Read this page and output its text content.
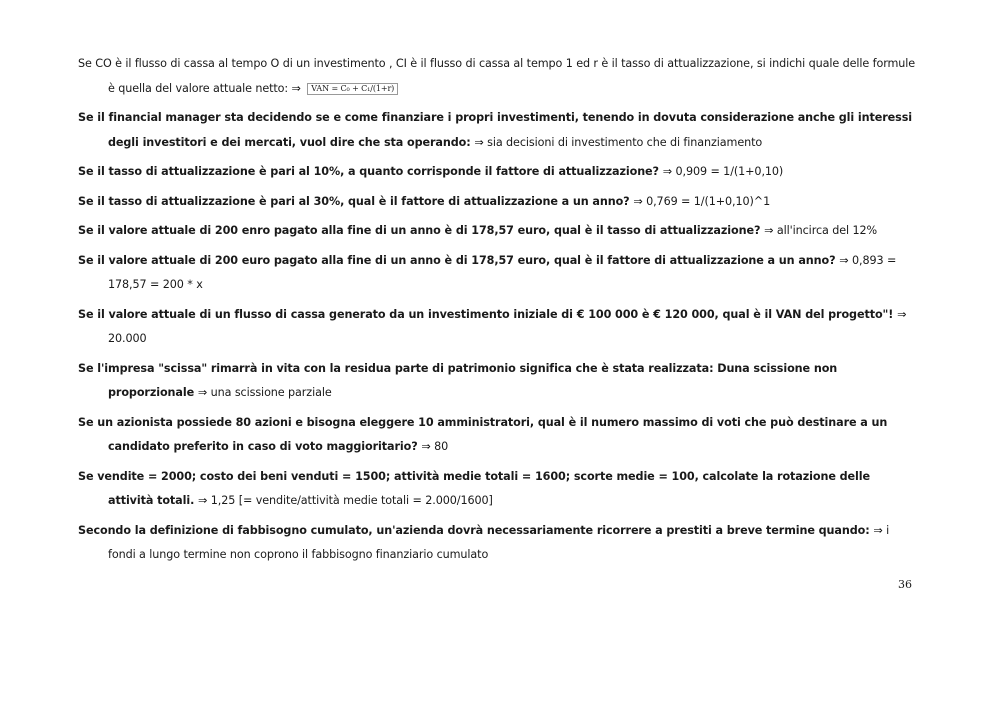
Se CO è il flusso di cassa al tempo O di un investimento , CI è il flusso di cassa al tempo 1 ed r è il tasso di attualizzazione, si indichi quale delle formule è quella del valore attuale netto: ⇒ VAN = C₀ + C₁/(1+r)

Se il financial manager sta decidendo se e come finanziare i propri investimenti, tenendo in dovuta considerazione anche gli interessi degli investitori e dei mercati, vuol dire che sta operando: ⇒ sia decisioni di investimento che di finanziamento

Se il tasso di attualizzazione è pari al 10%, a quanto corrisponde il fattore di attualizzazione? ⇒ 0,909 = 1/(1+0,10)

Se il tasso di attualizzazione è pari al 30%, qual è il fattore di attualizzazione a un anno? ⇒ 0,769 = 1/(1+0,10)^1

Se il valore attuale di 200 enro pagato alla fine di un anno è di 178,57 euro, qual è il tasso di attualizzazione? ⇒ all'incirca del 12%

Se il valore attuale di 200 euro pagato alla fine di un anno è di 178,57 euro, qual è il fattore di attualizzazione a un anno? ⇒ 0,893 = 178,57 = 200 * x

Se il valore attuale di un flusso di cassa generato da un investimento iniziale di € 100 000 è € 120 000, qual è il VAN del progetto"! ⇒ 20.000

Se l'impresa "scissa" rimarrà in vita con la residua parte di patrimonio significa che è stata realizzata: Duna scissione non proporzionale ⇒ una scissione parziale

Se un azionista possiede 80 azioni e bisogna eleggere 10 amministratori, qual è il numero massimo di voti che può destinare a un candidato preferito in caso di voto maggioritario? ⇒ 80

Se vendite = 2000; costo dei beni venduti = 1500; attività medie totali = 1600; scorte medie = 100, calcolate la rotazione delle attività totali. ⇒ 1,25 [= vendite/attività medie totali = 2.000/1600]

Secondo la definizione di fabbisogno cumulato, un'azienda dovrà necessariamente ricorrere a prestiti a breve termine quando: ⇒ i fondi a lungo termine non coprono il fabbisogno finanziario cumulato

36
